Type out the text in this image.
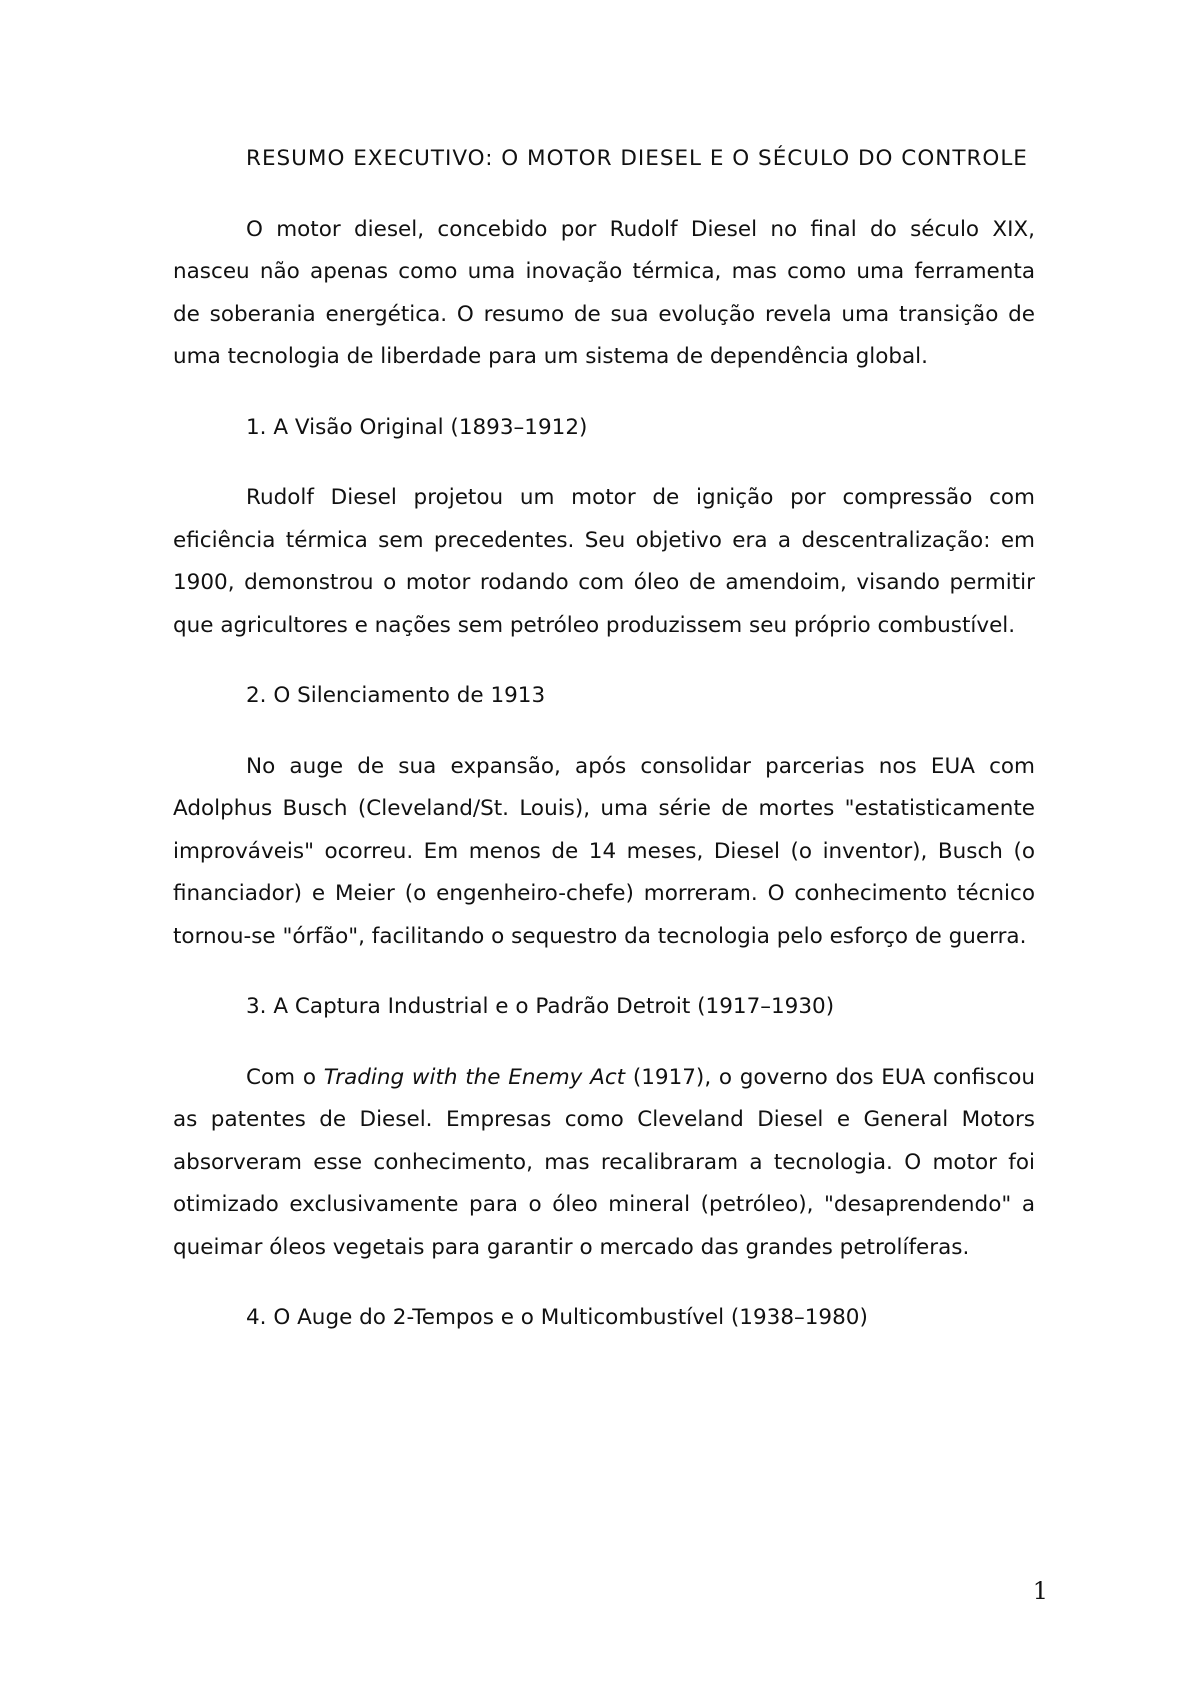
RESUMO EXECUTIVO: O MOTOR DIESEL E O SÉCULO DO CONTROLE

O motor diesel, concebido por Rudolf Diesel no final do século XIX, nasceu não apenas como uma inovação térmica, mas como uma ferramenta de soberania energética. O resumo de sua evolução revela uma transição de uma tecnologia de liberdade para um sistema de dependência global.

1. A Visão Original (1893–1912)

Rudolf Diesel projetou um motor de ignição por compressão com eficiência térmica sem precedentes. Seu objetivo era a descentralização: em 1900, demonstrou o motor rodando com óleo de amendoim, visando permitir que agricultores e nações sem petróleo produzissem seu próprio combustível.

2. O Silenciamento de 1913

No auge de sua expansão, após consolidar parcerias nos EUA com Adolphus Busch (Cleveland/St. Louis), uma série de mortes "estatisticamente improváveis" ocorreu. Em menos de 14 meses, Diesel (o inventor), Busch (o financiador) e Meier (o engenheiro-chefe) morreram. O conhecimento técnico tornou-se "órfão", facilitando o sequestro da tecnologia pelo esforço de guerra.

3. A Captura Industrial e o Padrão Detroit (1917–1930)

Com o Trading with the Enemy Act (1917), o governo dos EUA confiscou as patentes de Diesel. Empresas como Cleveland Diesel e General Motors absorveram esse conhecimento, mas recalibraram a tecnologia. O motor foi otimizado exclusivamente para o óleo mineral (petróleo), "desaprendendo" a queimar óleos vegetais para garantir o mercado das grandes petrolíferas.

4. O Auge do 2-Tempos e o Multicombustível (1938–1980)

1
